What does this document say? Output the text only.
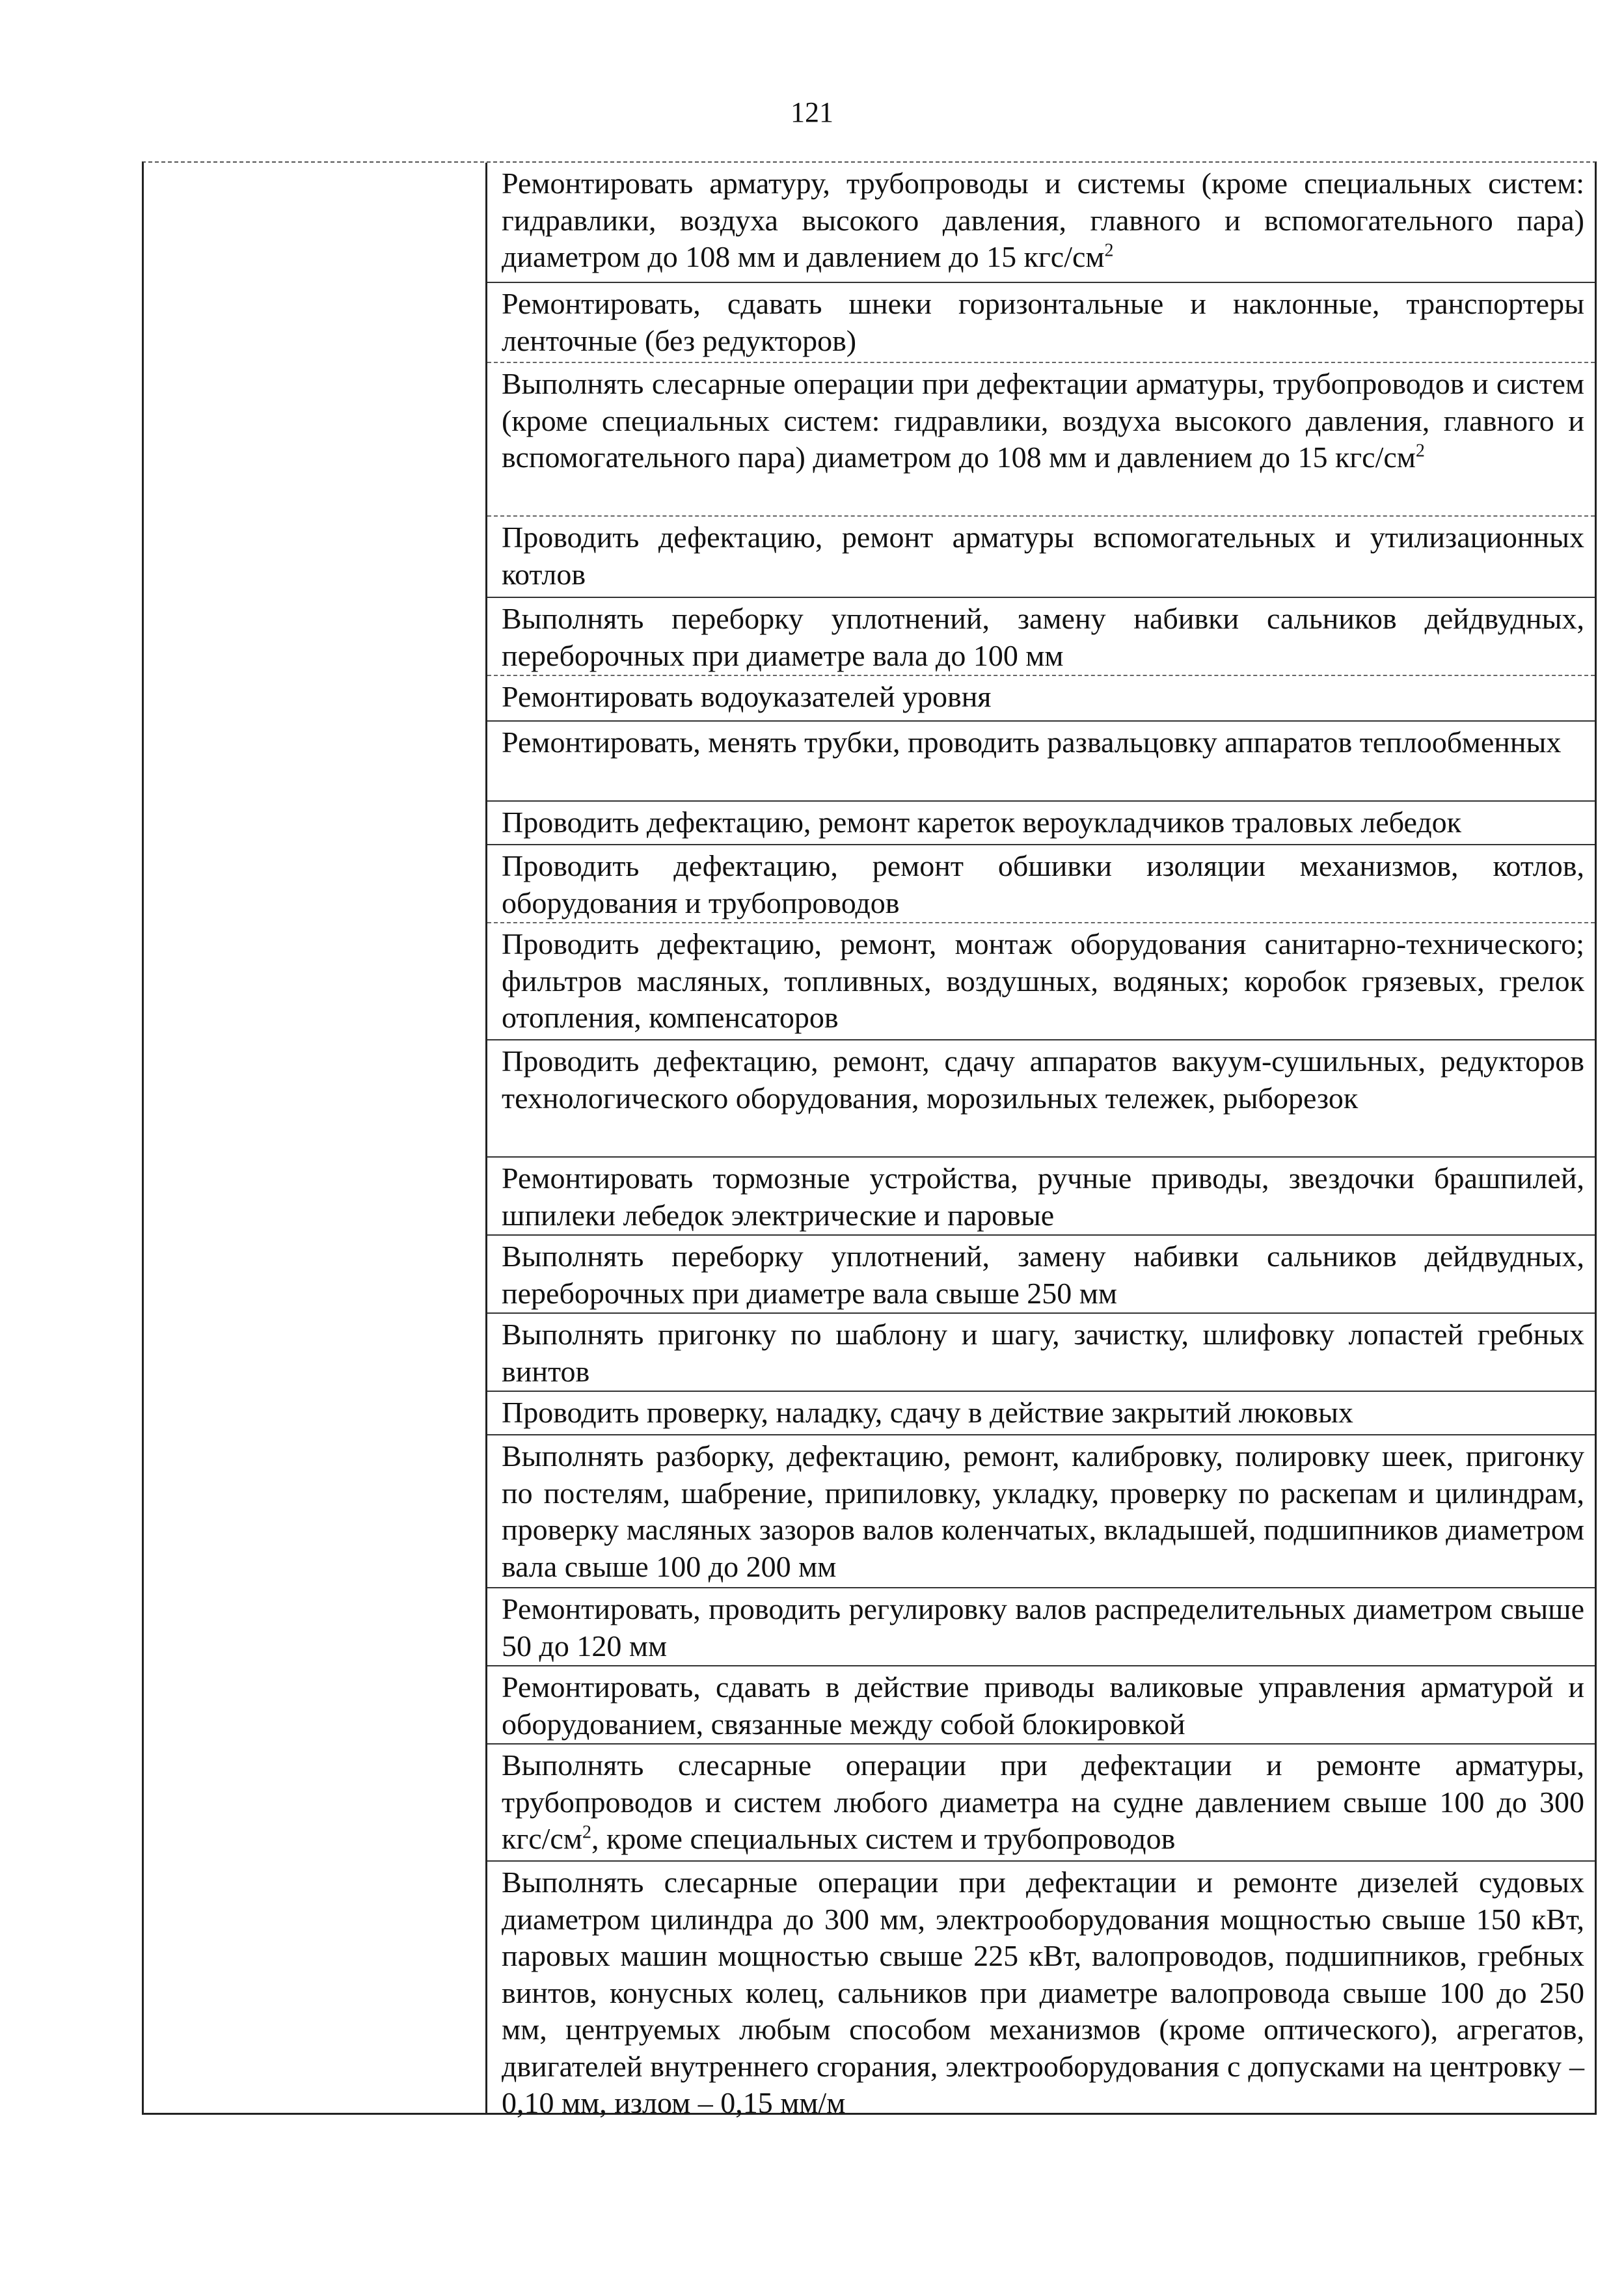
121
Ремонтировать арматуру, трубопроводы и системы (кроме специальных систем: гидравлики, воздуха высокого давления, главного и вспомогательного пара) диаметром до 108 мм и давлением до 15 кгс/$см^2$
Ремонтировать, сдавать шнеки горизонтальные и наклонные, транспортеры ленточные (без редукторов)
Выполнять слесарные операции при дефектации арматуры, трубопроводов и систем (кроме специальных систем: гидравлики, воздуха высокого давления, главного и вспомогательного пара) диаметром до 108 мм и давлением до 15 кгс/$см^2$
Проводить дефектацию, ремонт арматуры вспомогательных и утилизационных котлов
Выполнять переборку уплотнений, замену набивки сальников дейдвудных, переборочных при диаметре вала до 100 мм
Ремонтировать водоуказателей уровня
Ремонтировать, менять трубки, проводить развальцовку аппаратов теплообменных
Проводить дефектацию, ремонт кареток вероукладчиков траловых лебедок
Проводить дефектацию, ремонт обшивки изоляции механизмов, котлов, оборудования и трубопроводов
Проводить дефектацию, ремонт, монтаж оборудования санитарно-технического; фильтров масляных, топливных, воздушных, водяных; коробок грязевых, грелок отопления, компенсаторов
Проводить дефектацию, ремонт, сдачу аппаратов вакуум-сушильных, редукторов технологического оборудования, морозильных тележек, рыборезок
Ремонтировать тормозные устройства, ручные приводы, звездочки брашпилей, шпилеки лебедок электрические и паровые
Выполнять переборку уплотнений, замену набивки сальников дейдвудных, переборочных при диаметре вала свыше 250 мм
Выполнять пригонку по шаблону и шагу, зачистку, шлифовку лопастей гребных винтов
Проводить проверку, наладку, сдачу в действие закрытий люковых
Выполнять разборку, дефектацию, ремонт, калибровку, полировку шеек, пригонку по постелям, шабрение, припиловку, укладку, проверку по раскепам и цилиндрам, проверку масляных зазоров валов коленчатых, вкладышей, подшипников диаметром вала свыше 100 до 200 мм
Ремонтировать, проводить регулировку валов распределительных диаметром свыше 50 до 120 мм
Ремонтировать, сдавать в действие приводы валиковые управления арматурой и оборудованием, связанные между собой блокировкой
Выполнять слесарные операции при дефектации и ремонте арматуры, трубопроводов и систем любого диаметра на судне давлением свыше 100 до 300 кгс/$см^2$, кроме специальных систем и трубопроводов
Выполнять слесарные операции при дефектации и ремонте дизелей судовых диаметром цилиндра до 300 мм, электрооборудования мощностью свыше 150 кВт, паровых машин мощностью свыше 225 кВт, валопроводов, подшипников, гребных винтов, конусных колец, сальников при диаметре валопровода свыше 100 до 250 мм, центруемых любым способом механизмов (кроме оптического), агрегатов, двигателей внутреннего сгорания, электрооборудования с допусками на центровку – 0,10 мм, излом – 0,15 мм/м
